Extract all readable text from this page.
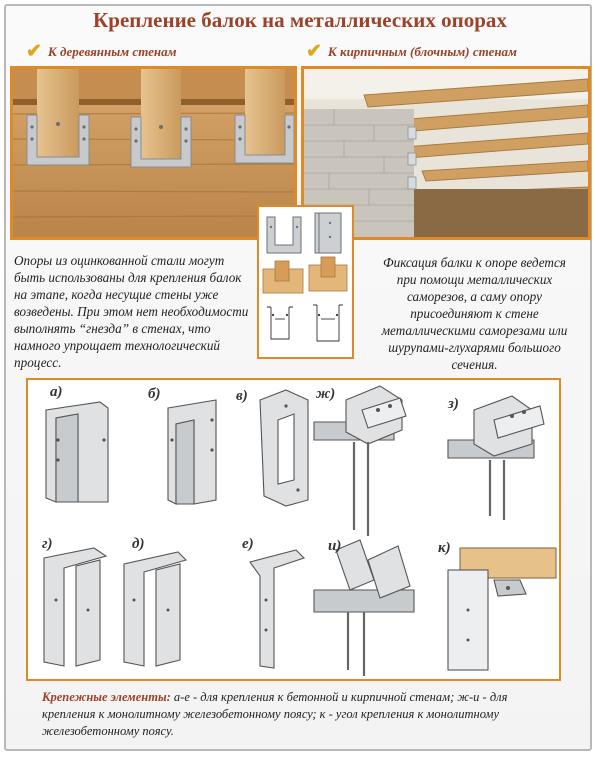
Крепление балок на металлических опорах
✔ К деревянным стенам	✔ К кирпичным (блочным) стенам
Опоры из оцинкованной стали могут быть использованы для крепления балок на этапе, когда несущие стены уже возведены. При этом нет необходимости выполнять “гнезда” в стенах, что намного упрощает технологический процесс.
Фиксация балки к опоре ведется при помощи металлических саморезов, а саму опору присоединяют к стене металлическими саморезами или шурупами-глухарями большого сечения.
а)	б)	в)	ж)
з)
г)	д)	е)	и)	к)
Крепежные элементы: а-е - для крепления к бетонной и кирпичной стенам; ж-и - для крепления к монолитному железобетонному поясу; к - угол крепления к монолитному железобетонному поясу.
